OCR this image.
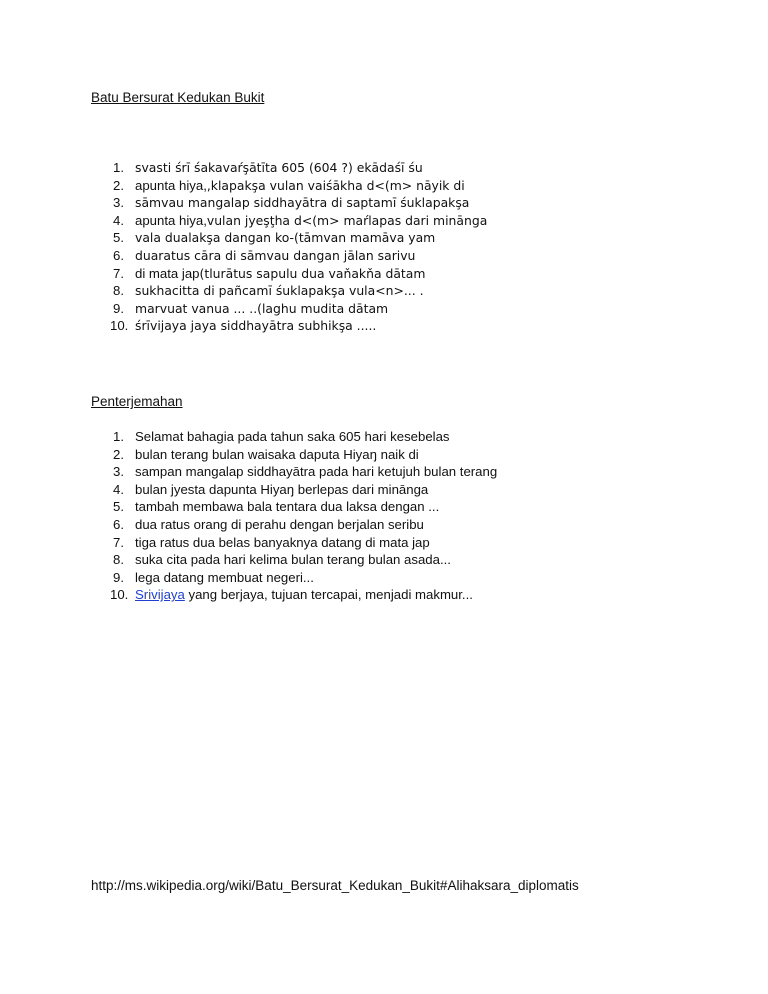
Batu Bersurat Kedukan Bukit
1 . svasti śrī śakavaŕşātīta 605 (604 ?) ekādaśī śu
2 . apunta hiya,,klapakşa vulan vaiśākha d<(m> nāyik di
3 . sāmvau mangalap siddhayātra di saptamī śuklapakşa
4 . apunta hiya,vulan jyeşţha d<(m> maŕlapas dari minānga
5 . vala dualakşa dangan ko-(tāmvan mamāva yam
6 . duaratus cāra di sāmvau dangan jālan sarivu
7 . di mata jap(tlurātus sapulu dua vaňakňa dātam
8 . sukhacitta di pañcamī śuklapakşa vula<n>... .
9 . marvuat vanua ... ..(laghu mudita dātam
10 . śrīvijaya jaya siddhayātra subhikşa .....
Penterjemahan
1 . Selamat bahagia pada tahun saka 605 hari kesebelas
2 . bulan terang bulan waisaka daputa Hiyaŋ naik di
3 . sampan mangalap siddhayātra pada hari ketujuh bulan terang
4 . bulan jyesta dapunta Hiyaŋ berlepas dari minānga
5 . tambah membawa bala tentara dua laksa dengan ...
6 . dua ratus orang di perahu dengan berjalan seribu
7 . tiga ratus dua belas banyaknya datang di mata jap
8 . suka cita pada hari kelima bulan terang bulan asada...
9 . lega datang membuat negeri...
10 . Srivijaya yang berjaya, tujuan tercapai, menjadi makmur...
http://ms.wikipedia.org/wiki/Batu_Bersurat_Kedukan_Bukit#Alihaksara_diplomatis
